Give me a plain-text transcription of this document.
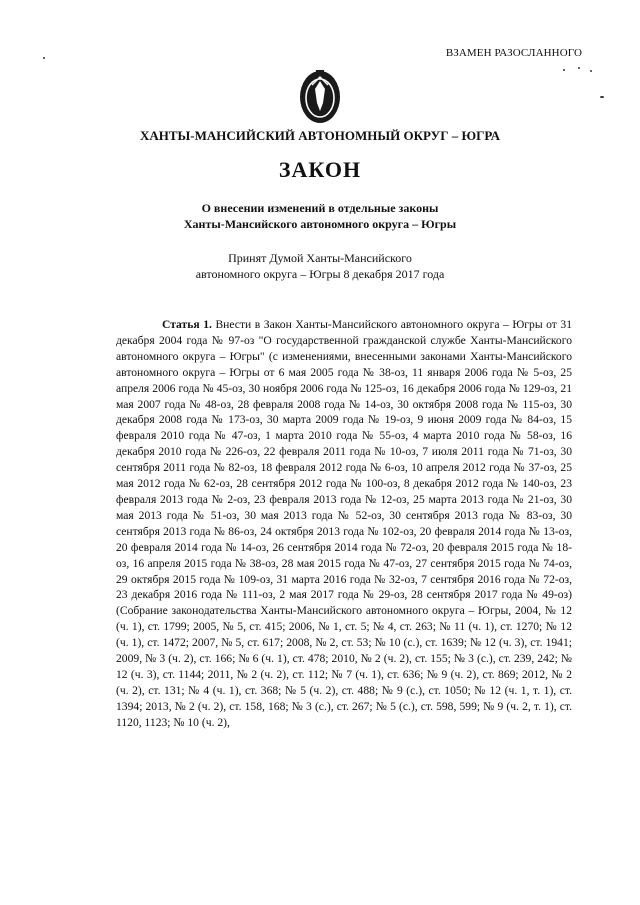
ВЗАМЕН РАЗОСЛАННОГО
ХАНТЫ-МАНСИЙСКИЙ АВТОНОМНЫЙ ОКРУГ – ЮГРА
ЗАКОН
О внесении изменений в отдельные законы
Ханты-Мансийского автономного округа – Югры
Принят Думой Ханты-Мансийского
автономного округа – Югры 8 декабря 2017 года
Статья 1. Внести в Закон Ханты-Мансийского автономного округа – Югры от 31 декабря 2004 года № 97-оз "О государственной гражданской службе Ханты-Мансийского автономного округа – Югры" (с изменениями, внесенными законами Ханты-Мансийского автономного округа – Югры от 6 мая 2005 года № 38-оз, 11 января 2006 года № 5-оз, 25 апреля 2006 года № 45-оз, 30 ноября 2006 года № 125-оз, 16 декабря 2006 года № 129-оз, 21 мая 2007 года № 48-оз, 28 февраля 2008 года № 14-оз, 30 октября 2008 года № 115-оз, 30 декабря 2008 года № 173-оз, 30 марта 2009 года № 19-оз, 9 июня 2009 года № 84-оз, 15 февраля 2010 года № 47-оз, 1 марта 2010 года № 55-оз, 4 марта 2010 года № 58-оз, 16 декабря 2010 года № 226-оз, 22 февраля 2011 года № 10-оз, 7 июля 2011 года № 71-оз, 30 сентября 2011 года № 82-оз, 18 февраля 2012 года № 6-оз, 10 апреля 2012 года № 37-оз, 25 мая 2012 года № 62-оз, 28 сентября 2012 года № 100-оз, 8 декабря 2012 года № 140-оз, 23 февраля 2013 года № 2-оз, 23 февраля 2013 года № 12-оз, 25 марта 2013 года № 21-оз, 30 мая 2013 года № 51-оз, 30 мая 2013 года № 52-оз, 30 сентября 2013 года № 83-оз, 30 сентября 2013 года № 86-оз, 24 октября 2013 года № 102-оз, 20 февраля 2014 года № 13-оз, 20 февраля 2014 года № 14-оз, 26 сентября 2014 года № 72-оз, 20 февраля 2015 года № 18-оз, 16 апреля 2015 года № 38-оз, 28 мая 2015 года № 47-оз, 27 сентября 2015 года № 74-оз, 29 октября 2015 года № 109-оз, 31 марта 2016 года № 32-оз, 7 сентября 2016 года № 72-оз, 23 декабря 2016 года № 111-оз, 2 мая 2017 года № 29-оз, 28 сентября 2017 года № 49-оз) (Собрание законодательства Ханты-Мансийского автономного округа – Югры, 2004, № 12 (ч. 1), ст. 1799; 2005, № 5, ст. 415; 2006, № 1, ст. 5; № 4, ст. 263; № 11 (ч. 1), ст. 1270; № 12 (ч. 1), ст. 1472; 2007, № 5, ст. 617; 2008, № 2, ст. 53; № 10 (с.), ст. 1639; № 12 (ч. 3), ст. 1941; 2009, № 3 (ч. 2), ст. 166; № 6 (ч. 1), ст. 478; 2010, № 2 (ч. 2), ст. 155; № 3 (с.), ст. 239, 242; № 12 (ч. 3), ст. 1144; 2011, № 2 (ч. 2), ст. 112; № 7 (ч. 1), ст. 636; № 9 (ч. 2), ст. 869; 2012, № 2 (ч. 2), ст. 131; № 4 (ч. 1), ст. 368; № 5 (ч. 2), ст. 488; № 9 (с.), ст. 1050; № 12 (ч. 1, т. 1), ст. 1394; 2013, № 2 (ч. 2), ст. 158, 168; № 3 (с.), ст. 267; № 5 (с.), ст. 598, 599; № 9 (ч. 2, т. 1), ст. 1120, 1123; № 10 (ч. 2),
